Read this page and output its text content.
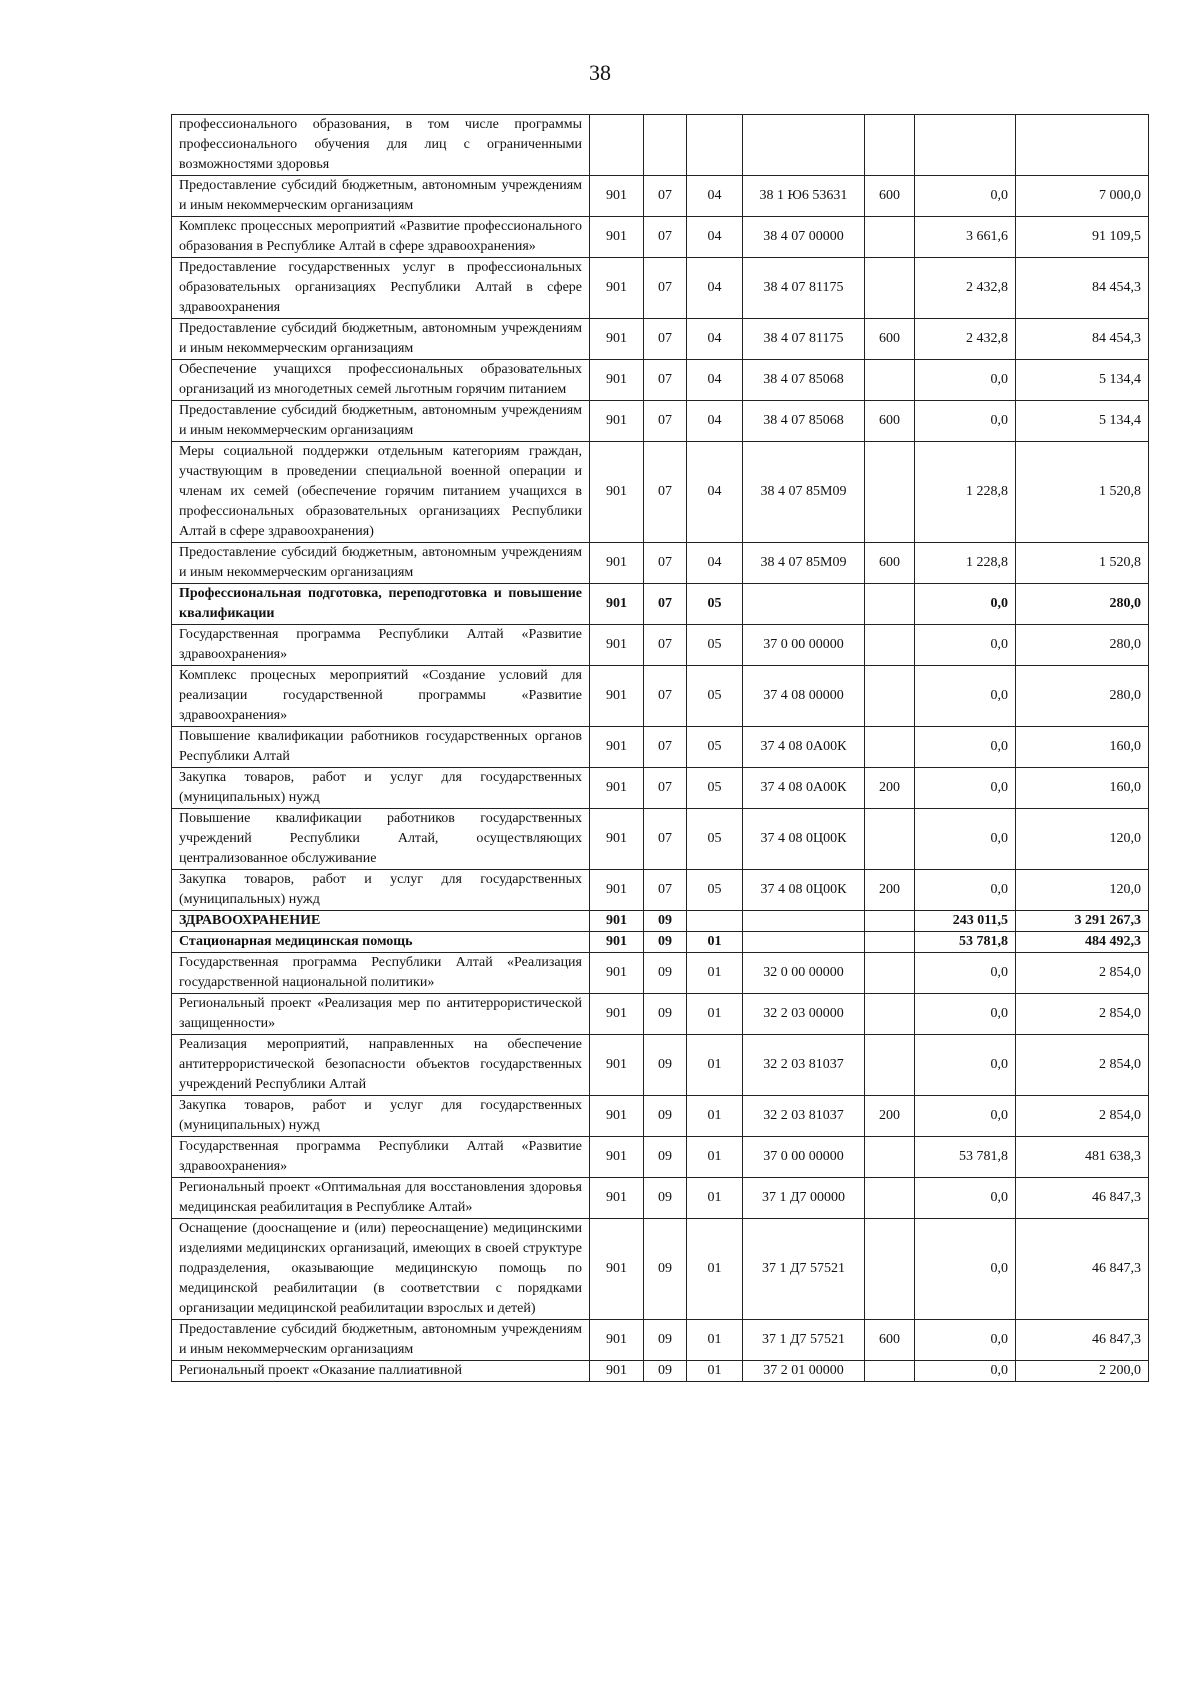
38
профессионального образования, в том числе программы профессионального обучения для лиц с ограниченными возможностями здоровья							
Предоставление субсидий бюджетным, автономным учреждениям и иным некоммерческим организациям	901	07	04	38 1 Ю6 53631	600	0,0	7 000,0
Комплекс процессных мероприятий «Развитие профессионального образования в Республике Алтай в сфере здравоохранения»	901	07	04	38 4 07 00000		3 661,6	91 109,5
Предоставление государственных услуг в профессиональных образовательных организациях Республики Алтай в сфере здравоохранения	901	07	04	38 4 07 81175		2 432,8	84 454,3
Предоставление субсидий бюджетным, автономным учреждениям и иным некоммерческим организациям	901	07	04	38 4 07 81175	600	2 432,8	84 454,3
Обеспечение учащихся профессиональных образовательных организаций из многодетных семей льготным горячим питанием	901	07	04	38 4 07 85068		0,0	5 134,4
Предоставление субсидий бюджетным, автономным учреждениям и иным некоммерческим организациям	901	07	04	38 4 07 85068	600	0,0	5 134,4
Меры социальной поддержки отдельным категориям граждан, участвующим в проведении специальной военной операции и членам их семей (обеспечение горячим питанием учащихся в профессиональных образовательных организациях Республики Алтай в сфере здравоохранения)	901	07	04	38 4 07 85М09		1 228,8	1 520,8
Предоставление субсидий бюджетным, автономным учреждениям и иным некоммерческим организациям	901	07	04	38 4 07 85М09	600	1 228,8	1 520,8
Профессиональная подготовка, переподготовка и повышение квалификации	901	07	05			0,0	280,0
Государственная программа Республики Алтай «Развитие здравоохранения»	901	07	05	37 0 00 00000		0,0	280,0
Комплекс процесных мероприятий «Создание условий для реализации государственной программы «Развитие здравоохранения»	901	07	05	37 4 08 00000		0,0	280,0
Повышение квалификации работников государственных органов Республики Алтай	901	07	05	37 4 08 0А00К		0,0	160,0
Закупка товаров, работ и услуг для государственных (муниципальных) нужд	901	07	05	37 4 08 0А00К	200	0,0	160,0
Повышение квалификации работников государственных учреждений Республики Алтай, осуществляющих централизованное обслуживание	901	07	05	37 4 08 0Ц00К		0,0	120,0
Закупка товаров, работ и услуг для государственных (муниципальных) нужд	901	07	05	37 4 08 0Ц00К	200	0,0	120,0
ЗДРАВООХРАНЕНИЕ	901	09				243 011,5	3 291 267,3
Стационарная медицинская помощь	901	09	01			53 781,8	484 492,3
Государственная программа Республики Алтай «Реализация государственной национальной политики»	901	09	01	32 0 00 00000		0,0	2 854,0
Региональный проект «Реализация мер по антитеррористической защищенности»	901	09	01	32 2 03 00000		0,0	2 854,0
Реализация мероприятий, направленных на обеспечение антитеррористической безопасности объектов государственных учреждений Республики Алтай	901	09	01	32 2 03 81037		0,0	2 854,0
Закупка товаров, работ и услуг для государственных (муниципальных) нужд	901	09	01	32 2 03 81037	200	0,0	2 854,0
Государственная программа Республики Алтай «Развитие здравоохранения»	901	09	01	37 0 00 00000		53 781,8	481 638,3
Региональный проект «Оптимальная для восстановления здоровья медицинская реабилитация в Республике Алтай»	901	09	01	37 1 Д7 00000		0,0	46 847,3
Оснащение (дооснащение и (или) переоснащение) медицинскими изделиями медицинских организаций, имеющих в своей структуре подразделения, оказывающие медицинскую помощь по медицинской реабилитации (в соответствии с порядками организации медицинской реабилитации взрослых и детей)	901	09	01	37 1 Д7 57521		0,0	46 847,3
Предоставление субсидий бюджетным, автономным учреждениям и иным некоммерческим организациям	901	09	01	37 1 Д7 57521	600	0,0	46 847,3
Региональный проект «Оказание паллиативной	901	09	01	37 2 01 00000		0,0	2 200,0
